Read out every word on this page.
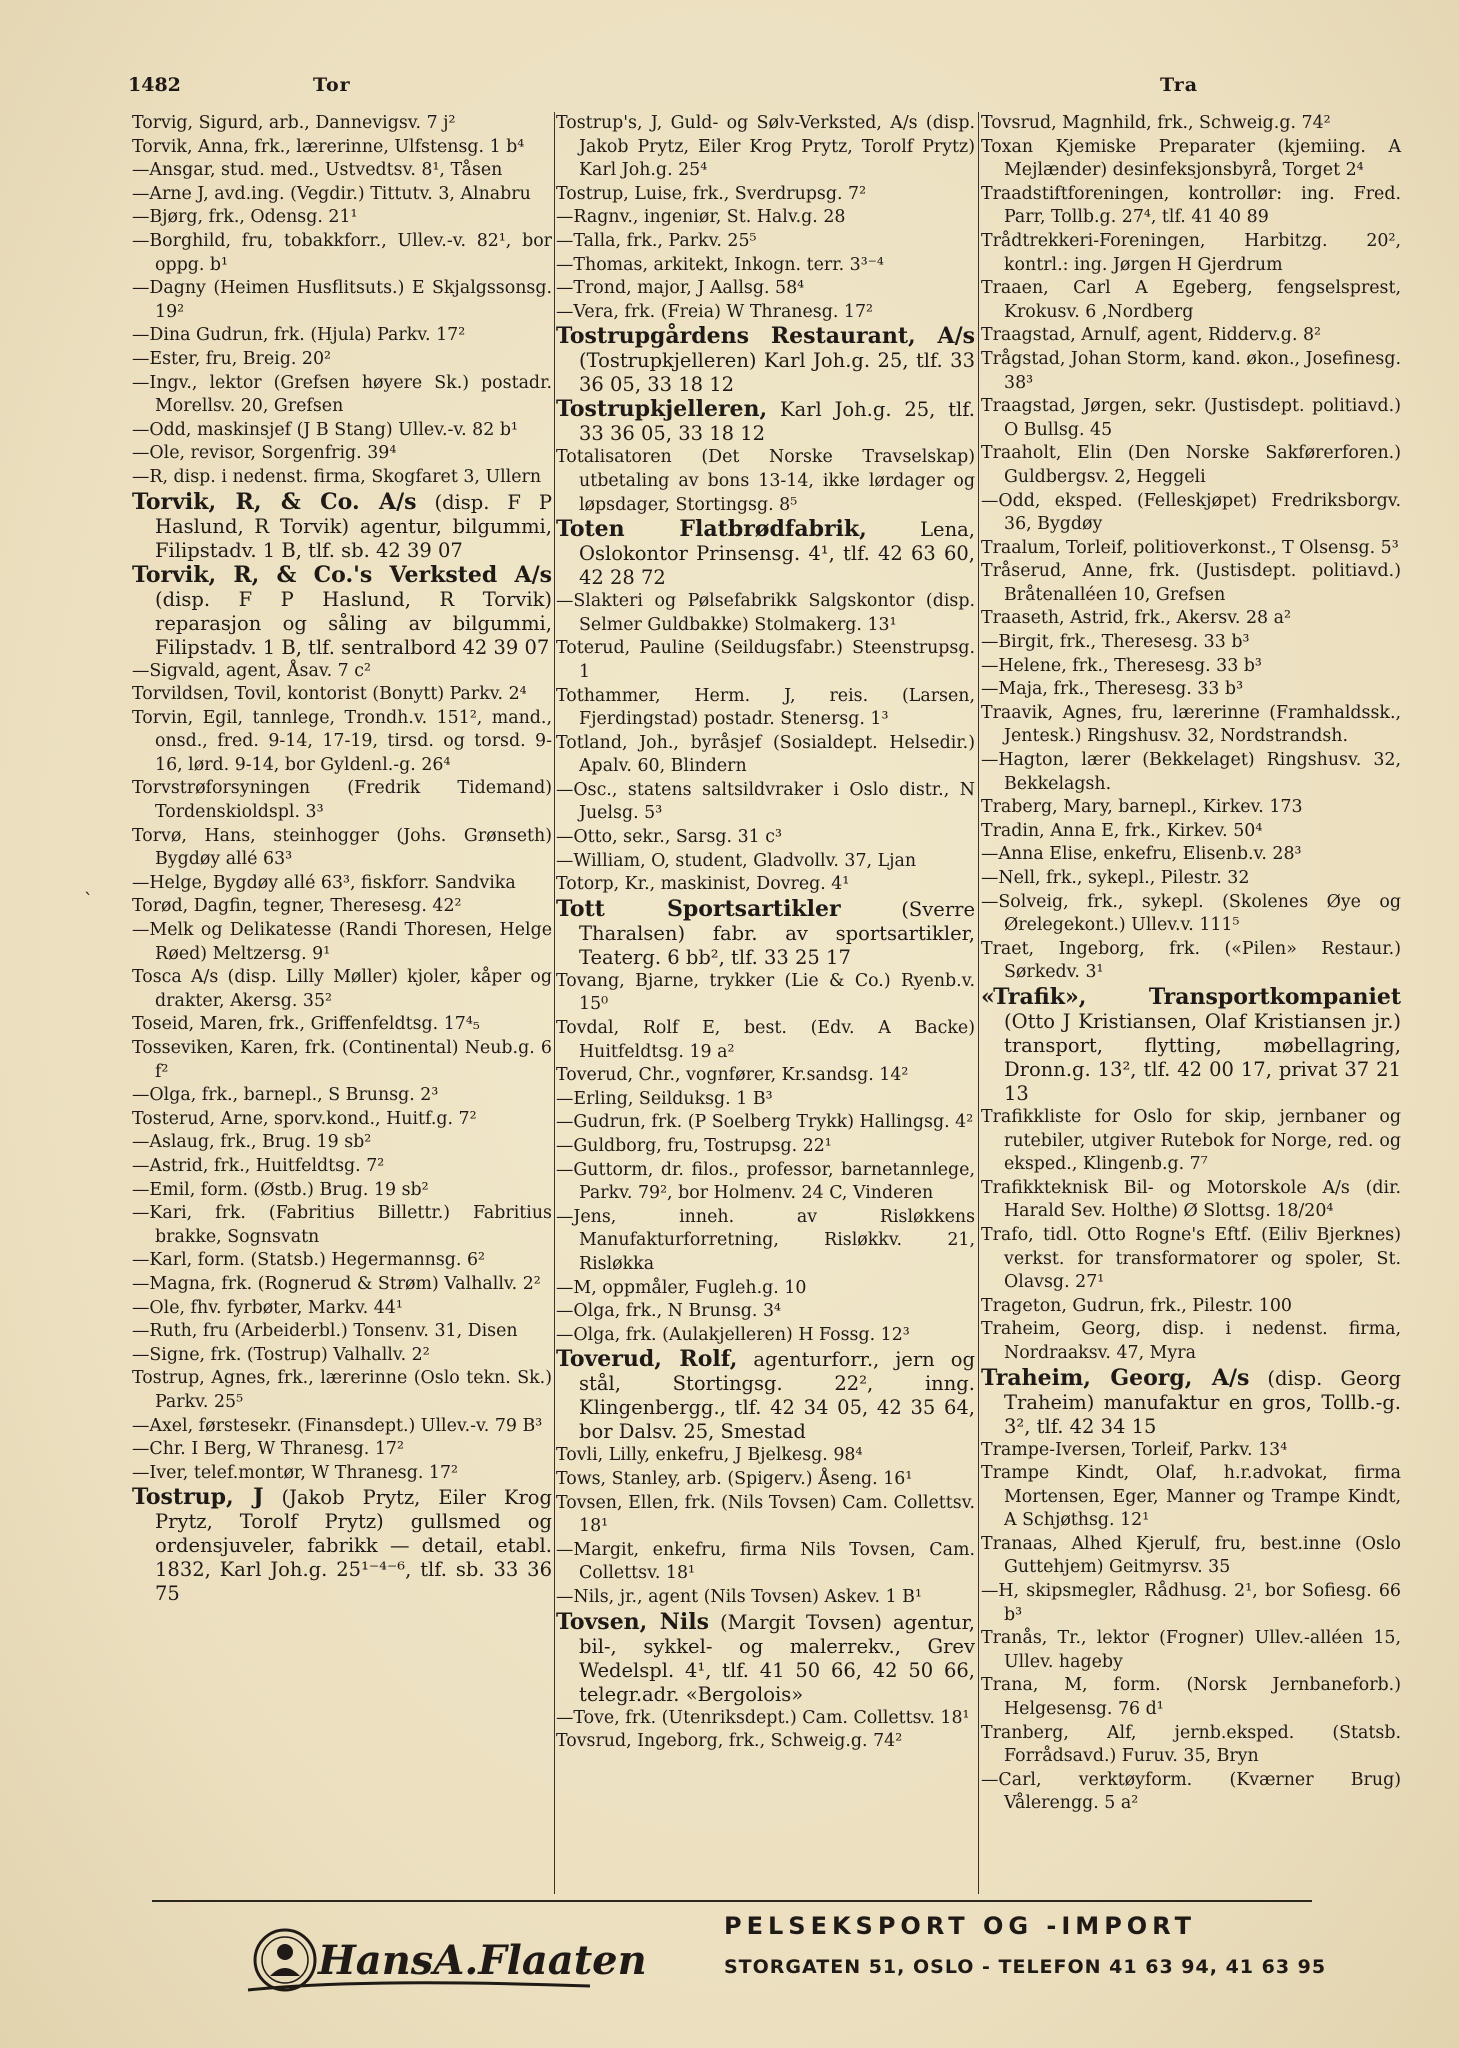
1482	Tor	Tra

Torvig, Sigurd, arb., Dannevigsv. 7 j²

Torvik, Anna, frk., lærerinne, Ulfstensg. 1 b⁴

—Ansgar, stud. med., Ustvedtsv. 8¹, Tåsen

—Arne J, avd.ing. (Vegdir.) Tittutv. 3, Alnabru

—Bjørg, frk., Odensg. 21¹

—Borghild, fru, tobakkforr., Ullev.-v. 82¹, bor oppg. b¹

—Dagny (Heimen Husflitsuts.) E Skjalgssonsg. 19²

—Dina Gudrun, frk. (Hjula) Parkv. 17²

—Ester, fru, Breig. 20²

—Ingv., lektor (Grefsen høyere Sk.) postadr. Morellsv. 20, Grefsen

—Odd, maskinsjef (J B Stang) Ullev.-v. 82 b¹

—Ole, revisor, Sorgenfrig. 39⁴

—R, disp. i nedenst. firma, Skogfaret 3, Ullern

Torvik, R, & Co. A/s (disp. F P Haslund, R Torvik) agentur, bilgummi, Filipstadv. 1 B, tlf. sb. 42 39 07

Torvik, R, & Co.'s Verksted A/s (disp. F P Haslund, R Torvik) reparasjon og såling av bilgummi, Filipstadv. 1 B, tlf. sentralbord 42 39 07

—Sigvald, agent, Åsav. 7 c²

Torvildsen, Tovil, kontorist (Bonytt) Parkv. 2⁴

Torvin, Egil, tannlege, Trondh.v. 151², mand., onsd., fred. 9-14, 17-19, tirsd. og torsd. 9-16, lørd. 9-14, bor Gyldenl.-g. 26⁴

Torvstrøforsyningen (Fredrik Tidemand) Tordenskioldspl. 3³

Torvø, Hans, steinhogger (Johs. Grønseth) Bygdøy allé 63³

—Helge, Bygdøy allé 63³, fiskforr. Sandvika

Torød, Dagfin, tegner, Theresesg. 42²

—Melk og Delikatesse (Randi Thoresen, Helge Røed) Meltzersg. 9¹

Tosca A/s (disp. Lilly Møller) kjoler, kåper og drakter, Akersg. 35²

Toseid, Maren, frk., Griffenfeldtsg. 17⁴₅

Tosseviken, Karen, frk. (Continental) Neub.g. 6 f²

—Olga, frk., barnepl., S Brunsg. 2³

Tosterud, Arne, sporv.kond., Huitf.g. 7²

—Aslaug, frk., Brug. 19 sb²

—Astrid, frk., Huitfeldtsg. 7²

—Emil, form. (Østb.) Brug. 19 sb²

—Kari, frk. (Fabritius Billettr.) Fabritius brakke, Sognsvatn

—Karl, form. (Statsb.) Hegermannsg. 6²

—Magna, frk. (Rognerud & Strøm) Valhallv. 2²

—Ole, fhv. fyrbøter, Markv. 44¹

—Ruth, fru (Arbeiderbl.) Tonsenv. 31, Disen

—Signe, frk. (Tostrup) Valhallv. 2²

Tostrup, Agnes, frk., lærerinne (Oslo tekn. Sk.) Parkv. 25⁵

—Axel, førstesekr. (Finansdept.) Ullev.-v. 79 B³

—Chr. I Berg, W Thranesg. 17²

—Iver, telef.montør, W Thranesg. 17²

Tostrup, J (Jakob Prytz, Eiler Krog Prytz, Torolf Prytz) gullsmed og ordensjuveler, fabrikk — detail, etabl. 1832, Karl Joh.g. 25¹⁻⁴⁻⁶, tlf. sb. 33 36 75

Tostrup's, J, Guld- og Sølv-Verksted, A/s (disp. Jakob Prytz, Eiler Krog Prytz, Torolf Prytz) Karl Joh.g. 25⁴

Tostrup, Luise, frk., Sverdrupsg. 7²

—Ragnv., ingeniør, St. Halv.g. 28

—Talla, frk., Parkv. 25⁵

—Thomas, arkitekt, Inkogn. terr. 3³⁻⁴

—Trond, major, J Aallsg. 58⁴

—Vera, frk. (Freia) W Thranesg. 17²

Tostrupgårdens Restaurant, A/s (Tostrupkjelleren) Karl Joh.g. 25, tlf. 33 36 05, 33 18 12

Tostrupkjelleren, Karl Joh.g. 25, tlf. 33 36 05, 33 18 12

Totalisatoren (Det Norske Travselskap) utbetaling av bons 13-14, ikke lørdager og løpsdager, Stortingsg. 8⁵

Toten Flatbrødfabrik, Lena, Oslokontor Prinsensg. 4¹, tlf. 42 63 60, 42 28 72

—Slakteri og Pølsefabrikk Salgskontor (disp. Selmer Guldbakke) Stolmakerg. 13¹

Toterud, Pauline (Seildugsfabr.) Steenstrupsg. 1

Tothammer, Herm. J, reis. (Larsen, Fjerdingstad) postadr. Stenersg. 1³

Totland, Joh., byråsjef (Sosialdept. Helsedir.) Apalv. 60, Blindern

—Osc., statens saltsildvraker i Oslo distr., N Juelsg. 5³

—Otto, sekr., Sarsg. 31 c³

—William, O, student, Gladvollv. 37, Ljan

Totorp, Kr., maskinist, Dovreg. 4¹

Tott Sportsartikler (Sverre Tharalsen) fabr. av sportsartikler, Teaterg. 6 bb², tlf. 33 25 17

Tovang, Bjarne, trykker (Lie & Co.) Ryenb.v. 15⁰

Tovdal, Rolf E, best. (Edv. A Backe) Huitfeldtsg. 19 a²

Toverud, Chr., vognfører, Kr.sandsg. 14²

—Erling, Seilduksg. 1 B³

—Gudrun, frk. (P Soelberg Trykk) Hallingsg. 4²

—Guldborg, fru, Tostrupsg. 22¹

—Guttorm, dr. filos., professor, barnetannlege, Parkv. 79², bor Holmenv. 24 C, Vinderen

—Jens, inneh. av Risløkkens Manufakturforretning, Risløkkv. 21, Risløkka

—M, oppmåler, Fugleh.g. 10

—Olga, frk., N Brunsg. 3⁴

—Olga, frk. (Aulakjelleren) H Fossg. 12³

Toverud, Rolf, agenturforr., jern og stål, Stortingsg. 22², inng. Klingenbergg., tlf. 42 34 05, 42 35 64, bor Dalsv. 25, Smestad

Tovli, Lilly, enkefru, J Bjelkesg. 98⁴

Tows, Stanley, arb. (Spigerv.) Åseng. 16¹

Tovsen, Ellen, frk. (Nils Tovsen) Cam. Collettsv. 18¹

—Margit, enkefru, firma Nils Tovsen, Cam. Collettsv. 18¹

—Nils, jr., agent (Nils Tovsen) Askev. 1 B¹

Tovsen, Nils (Margit Tovsen) agentur, bil-, sykkel- og malerrekv., Grev Wedelspl. 4¹, tlf. 41 50 66, 42 50 66, telegr.adr. «Bergolois»

—Tove, frk. (Utenriksdept.) Cam. Collettsv. 18¹

Tovsrud, Ingeborg, frk., Schweig.g. 74²

Tovsrud, Magnhild, frk., Schweig.g. 74²

Toxan Kjemiske Preparater (kjemiing. A Mejlænder) desinfeksjonsbyrå, Torget 2⁴

Traadstiftforeningen, kontrollør: ing. Fred. Parr, Tollb.g. 27⁴, tlf. 41 40 89

Trådtrekkeri-Foreningen, Harbitzg. 20², kontrl.: ing. Jørgen H Gjerdrum

Traaen, Carl A Egeberg, fengselsprest, Krokusv. 6 ,Nordberg

Traagstad, Arnulf, agent, Ridderv.g. 8²

Trågstad, Johan Storm, kand. økon., Josefinesg. 38³

Traagstad, Jørgen, sekr. (Justisdept. politiavd.) O Bullsg. 45

Traaholt, Elin (Den Norske Sakførerforen.) Guldbergsv. 2, Heggeli

—Odd, eksped. (Felleskjøpet) Fredriksborgv. 36, Bygdøy

Traalum, Torleif, politioverkonst., T Olsensg. 5³

Tråserud, Anne, frk. (Justisdept. politiavd.) Bråtenalléen 10, Grefsen

Traaseth, Astrid, frk., Akersv. 28 a²

—Birgit, frk., Theresesg. 33 b³

—Helene, frk., Theresesg. 33 b³

—Maja, frk., Theresesg. 33 b³

Traavik, Agnes, fru, lærerinne (Framhaldssk., Jentesk.) Ringshusv. 32, Nordstrandsh.

—Hagton, lærer (Bekkelaget) Ringshusv. 32, Bekkelagsh.

Traberg, Mary, barnepl., Kirkev. 173

Tradin, Anna E, frk., Kirkev. 50⁴

—Anna Elise, enkefru, Elisenb.v. 28³

—Nell, frk., sykepl., Pilestr. 32

—Solveig, frk., sykepl. (Skolenes Øye og Ørelegekont.) Ullev.v. 111⁵

Traet, Ingeborg, frk. («Pilen» Restaur.) Sørkedv. 3¹

«Trafik», Transportkompaniet (Otto J Kristiansen, Olaf Kristiansen jr.) transport, flytting, møbellagring, Dronn.g. 13², tlf. 42 00 17, privat 37 21 13

Trafikkliste for Oslo for skip, jernbaner og rutebiler, utgiver Rutebok for Norge, red. og eksped., Klingenb.g. 7⁷

Trafikkteknisk Bil- og Motorskole A/s (dir. Harald Sev. Holthe) Ø Slottsg. 18/20⁴

Trafo, tidl. Otto Rogne's Eftf. (Eiliv Bjerknes) verkst. for transformatorer og spoler, St. Olavsg. 27¹

Trageton, Gudrun, frk., Pilestr. 100

Traheim, Georg, disp. i nedenst. firma, Nordraaksv. 47, Myra

Traheim, Georg, A/s (disp. Georg Traheim) manufaktur en gros, Tollb.-g. 3², tlf. 42 34 15

Trampe-Iversen, Torleif, Parkv. 13⁴

Trampe Kindt, Olaf, h.r.advokat, firma Mortensen, Eger, Manner og Trampe Kindt, A Schjøthsg. 12¹

Tranaas, Alhed Kjerulf, fru, best.inne (Oslo Guttehjem) Geitmyrsv. 35

—H, skipsmegler, Rådhusg. 2¹, bor Sofiesg. 66 b³

Tranås, Tr., lektor (Frogner) Ullev.-alléen 15, Ullev. hageby

Trana, M, form. (Norsk Jernbaneforb.) Helgesensg. 76 d¹

Tranberg, Alf, jernb.eksped. (Statsb. Forrådsavd.) Furuv. 35, Bryn

—Carl, verktøyform. (Kværner Brug) Vålerengg. 5 a²

ˋ
HansA.Flaaten
PELSEKSPORT OG -IMPORT
STORGATEN 51, OSLO - TELEFON 41 63 94, 41 63 95
